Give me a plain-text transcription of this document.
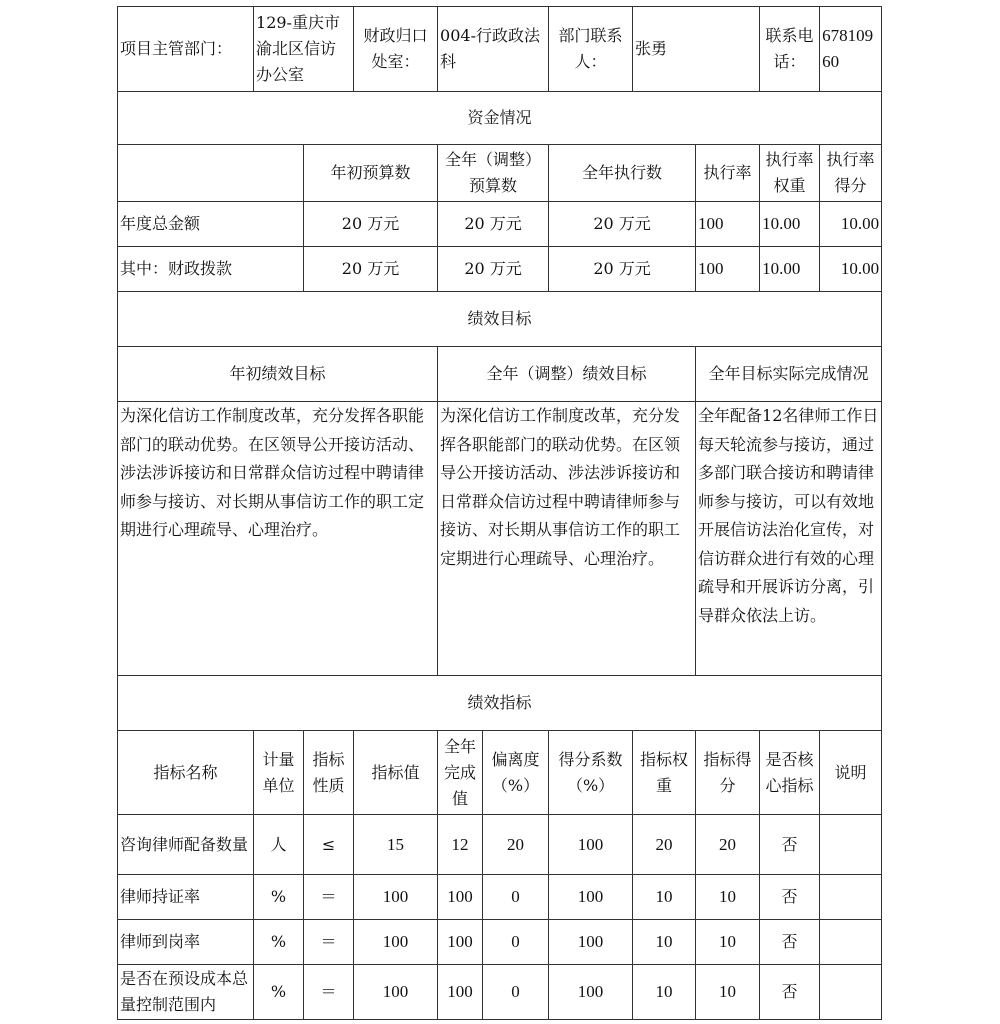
项目主管部门：	129-重庆市渝北区信访办公室		财政归口处室：	004-行政政法科		部门联系人：	张勇		联系电话：	67810960
资金情况										
		年初预算数		全年（调整）预算数		全年执行数		执行率	执行率权重	执行率得分
年度总金额		20 万元		20 万元		20 万元		100	10.00	10.00
其中：财政拨款		20 万元		20 万元		20 万元		100	10.00	10.00
绩效目标										
年初绩效目标				全年（调整）绩效目标				全年目标实际完成情况		
为深化信访工作制度改革，充分发挥各职能部门的联动优势。在区领导公开接访活动、涉法涉诉接访和日常群众信访过程中聘请律师参与接访、对长期从事信访工作的职工定期进行心理疏导、心理治疗。				为深化信访工作制度改革，充分发挥各职能部门的联动优势。在区领导公开接访活动、涉法涉诉接访和日常群众信访过程中聘请律师参与接访、对长期从事信访工作的职工定期进行心理疏导、心理治疗。				全年配备12名律师工作日每天轮流参与接访，通过多部门联合接访和聘请律师参与接访，可以有效地开展信访法治化宣传，对信访群众进行有效的心理疏导和开展诉访分离，引导群众依法上访。		
绩效指标										
指标名称	计量单位	指标性质	指标值	全年完成值	偏离度（%）	得分系数（%）	指标权重	指标得分	是否核心指标	说明
咨询律师配备数量	人	≤	15	12	20	100	20	20	否	
律师持证率	%	＝	100	100	0	100	10	10	否	
律师到岗率	%	＝	100	100	0	100	10	10	否	
是否在预设成本总量控制范围内	%	＝	100	100	0	100	10	10	否	
